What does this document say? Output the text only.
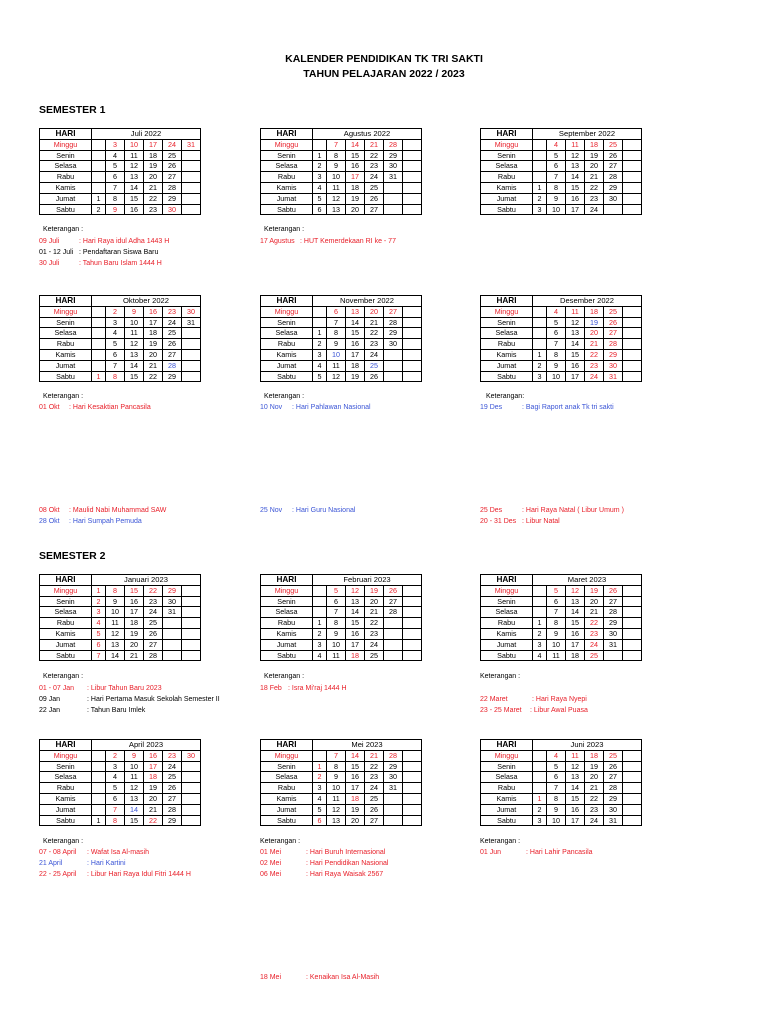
KALENDER PENDIDIKAN TK TRI SAKTI
TAHUN PELAJARAN 2022 / 2023
SEMESTER 1
SEMESTER 2
HARI	Juli 2022					
Minggu		3	10	17	24	31
Senin		4	11	18	25	
Selasa		5	12	19	26	
Rabu		6	13	20	27	
Kamis		7	14	21	28	
Jumat	1	8	15	22	29	
Sabtu	2	9	16	23	30	
HARI	Agustus 2022					
Minggu		7	14	21	28	
Senin	1	8	15	22	29	
Selasa	2	9	16	23	30	
Rabu	3	10	17	24	31	
Kamis	4	11	18	25		
Jumat	5	12	19	26		
Sabtu	6	13	20	27		
HARI	September 2022					
Minggu		4	11	18	25	
Senin		5	12	19	26	
Selasa		6	13	20	27	
Rabu		7	14	21	28	
Kamis	1	8	15	22	29	
Jumat	2	9	16	23	30	
Sabtu	3	10	17	24		
HARI	Oktober 2022					
Minggu		2	9	16	23	30
Senin		3	10	17	24	31
Selasa		4	11	18	25	
Rabu		5	12	19	26	
Kamis		6	13	20	27	
Jumat		7	14	21	28	
Sabtu	1	8	15	22	29	
HARI	November 2022					
Minggu		6	13	20	27	
Senin		7	14	21	28	
Selasa	1	8	15	22	29	
Rabu	2	9	16	23	30	
Kamis	3	10	17	24		
Jumat	4	11	18	25		
Sabtu	5	12	19	26		
HARI	Desember 2022					
Minggu		4	11	18	25	
Senin		5	12	19	26	
Selasa		6	13	20	27	
Rabu		7	14	21	28	
Kamis	1	8	15	22	29	
Jumat	2	9	16	23	30	
Sabtu	3	10	17	24	31	
HARI	Januari 2023					
Minggu	1	8	15	22	29	
Senin	2	9	16	23	30	
Selasa	3	10	17	24	31	
Rabu	4	11	18	25		
Kamis	5	12	19	26		
Jumat	6	13	20	27		
Sabtu	7	14	21	28		
HARI	Februari 2023					
Minggu		5	12	19	26	
Senin		6	13	20	27	
Selasa		7	14	21	28	
Rabu	1	8	15	22		
Kamis	2	9	16	23		
Jumat	3	10	17	24		
Sabtu	4	11	18	25		
HARI	Maret 2023					
Minggu		5	12	19	26	
Senin		6	13	20	27	
Selasa		7	14	21	28	
Rabu	1	8	15	22	29	
Kamis	2	9	16	23	30	
Jumat	3	10	17	24	31	
Sabtu	4	11	18	25		
HARI	April 2023					
Minggu		2	9	16	23	30
Senin		3	10	17	24	
Selasa		4	11	18	25	
Rabu		5	12	19	26	
Kamis		6	13	20	27	
Jumat		7	14	21	28	
Sabtu	1	8	15	22	29	
HARI	Mei 2023					
Minggu		7	14	21	28	
Senin	1	8	15	22	29	
Selasa	2	9	16	23	30	
Rabu	3	10	17	24	31	
Kamis	4	11	18	25		
Jumat	5	12	19	26		
Sabtu	6	13	20	27		
HARI	Juni 2023					
Minggu		4	11	18	25	
Senin		5	12	19	26	
Selasa		6	13	20	27	
Rabu		7	14	21	28	
Kamis	1	8	15	22	29	
Jumat	2	9	16	23	30	
Sabtu	3	10	17	24	31	
Keterangan :
09 Juli	: Hari Raya idul Adha 1443 H
01 - 12 Juli : Pendaftaran Siswa Baru
30 Juli	: Tahun Baru Islam 1444 H
Keterangan :
17 Agustus : HUT Kemerdekaan RI ke - 77
Keterangan :
01 Okt : Hari Kesaktian Pancasila
Keterangan :
10 Nov : Hari Pahlawan Nasional
Keterangan:
19 Des	: Bagi Raport anak Tk tri sakti
08 Okt : Maulid Nabi Muhammad SAW
28 Okt : Hari Sumpah Pemuda
25 Nov : Hari Guru Nasional	25 Des	: Hari Raya Natal ( Libur Umum )
20 - 31 Des : Libur Natal
Keterangan :
01 - 07 Jan : Libur Tahun Baru 2023
09 Jan	: Hari Pertama Masuk Sekolah Semester II
22 Jan	: Tahun Baru Imlek
Keterangan :
18 Feb : Isra Mi'raj 1444 H
Keterangan :
22 Maret	: Hari Raya Nyepi
23 - 25 Maret : Libur Awal Puasa
Keterangan :
07 - 08 April : Wafat Isa Al-masih
21 April	: Hari Kartini
22 - 25 April : Libur Hari Raya Idul Fitri 1444 H
Keterangan :
01 Mei	: Hari Buruh Internasional
02 Mei	: Hari Pendidikan Nasional
06 Mei	: Hari Raya Waisak 2567
Keterangan :
01 Jun	: Hari Lahir Pancasila
18 Mei	: Kenaikan Isa Al-Masih
